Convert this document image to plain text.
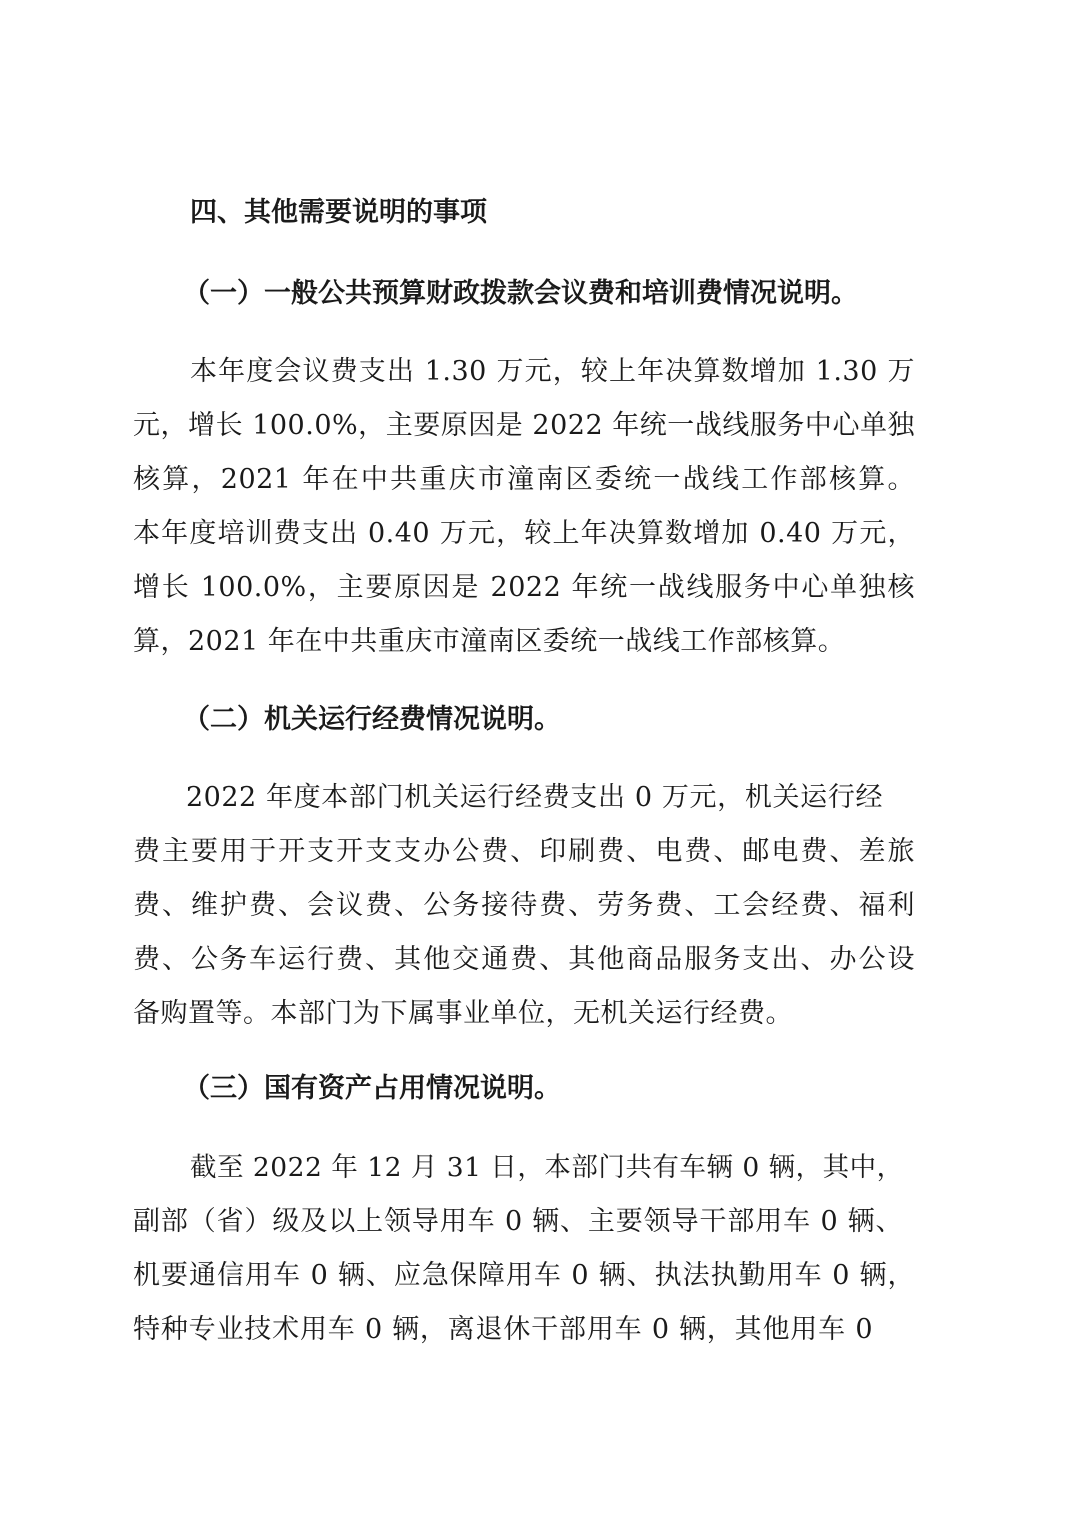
四、其他需要说明的事项
（一）一般公共预算财政拨款会议费和培训费情况说明。

本年度会议费支出 1.30 万元，较上年决算数增加 1.30 万
元，增长 100.0%，主要原因是 2022 年统一战线服务中心单独
核算，2021 年在中共重庆市潼南区委统一战线工作部核算。
本年度培训费支出 0.40 万元，较上年决算数增加 0.40 万元，
增长 100.0%，主要原因是 2022 年统一战线服务中心单独核
算，2021 年在中共重庆市潼南区委统一战线工作部核算。

（二）机关运行经费情况说明。

2022 年度本部门机关运行经费支出 0 万元，机关运行经
费主要用于开支开支支办公费、印刷费、电费、邮电费、差旅
费、维护费、会议费、公务接待费、劳务费、工会经费、福利
费、公务车运行费、其他交通费、其他商品服务支出、办公设
备购置等。本部门为下属事业单位，无机关运行经费。

（三）国有资产占用情况说明。

截至 2022 年 12 月 31 日，本部门共有车辆 0 辆，其中，
副部（省）级及以上领导用车 0 辆、主要领导干部用车 0 辆、
机要通信用车 0 辆、应急保障用车 0 辆、执法执勤用车 0 辆，
特种专业技术用车 0 辆，离退休干部用车 0 辆，其他用车 0
